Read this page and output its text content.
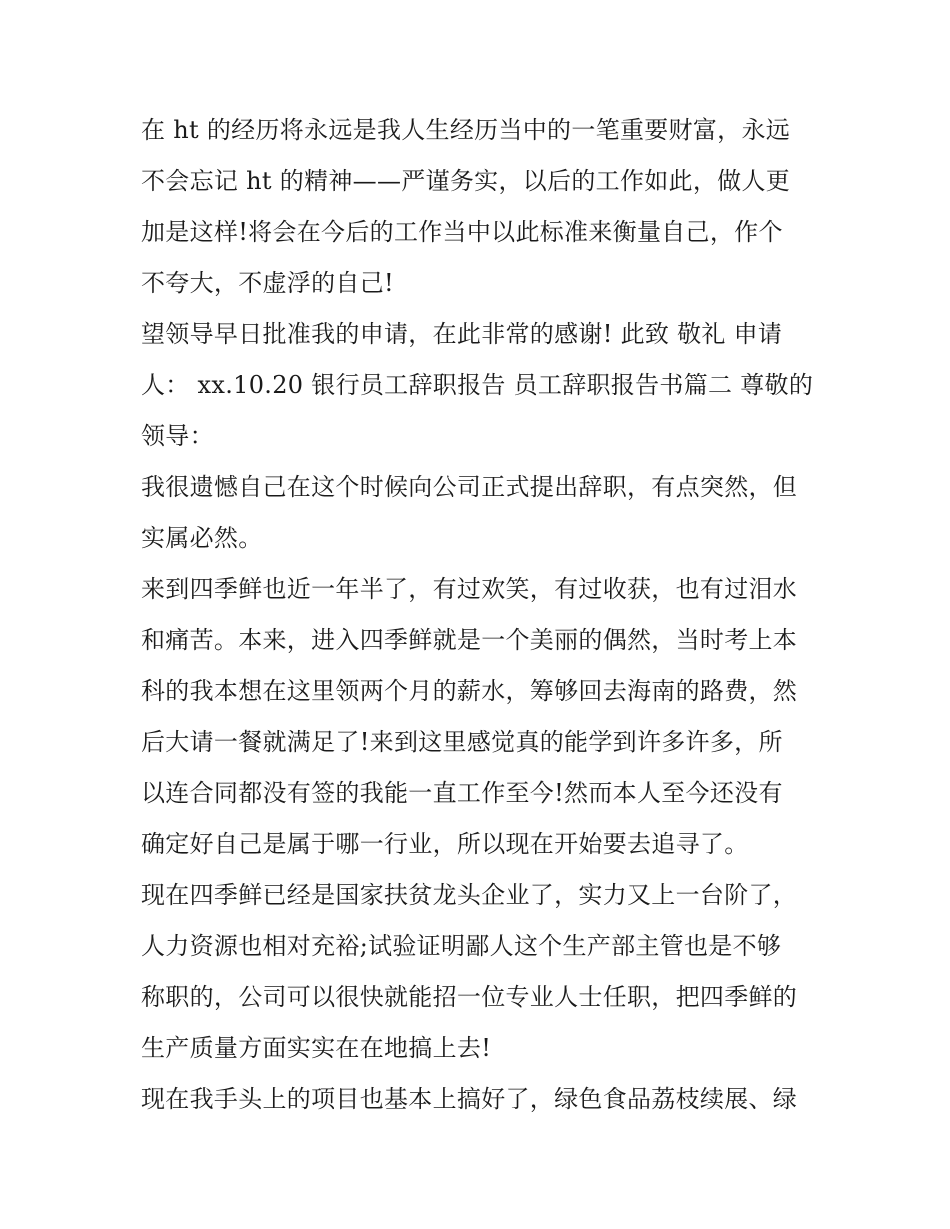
在 ht 的经历将永远是我人生经历当中的一笔重要财富，永远
不会忘记 ht 的精神——严谨务实，以后的工作如此，做人更
加是这样!将会在今后的工作当中以此标准来衡量自己，作个
不夸大，不虚浮的自己!
望领导早日批准我的申请，在此非常的感谢! 此致 敬礼 申请
人： xx.10.20 银行员工辞职报告 员工辞职报告书篇二 尊敬的
领导：
我很遗憾自己在这个时候向公司正式提出辞职，有点突然，但
实属必然。
来到四季鲜也近一年半了，有过欢笑，有过收获，也有过泪水
和痛苦。本来，进入四季鲜就是一个美丽的偶然，当时考上本
科的我本想在这里领两个月的薪水，筹够回去海南的路费，然
后大请一餐就满足了!来到这里感觉真的能学到许多许多，所
以连合同都没有签的我能一直工作至今!然而本人至今还没有
确定好自己是属于哪一行业，所以现在开始要去追寻了。
现在四季鲜已经是国家扶贫龙头企业了，实力又上一台阶了，
人力资源也相对充裕;试验证明鄙人这个生产部主管也是不够
称职的，公司可以很快就能招一位专业人士任职，把四季鲜的
生产质量方面实实在在地搞上去!
现在我手头上的项目也基本上搞好了，绿色食品荔枝续展、绿
